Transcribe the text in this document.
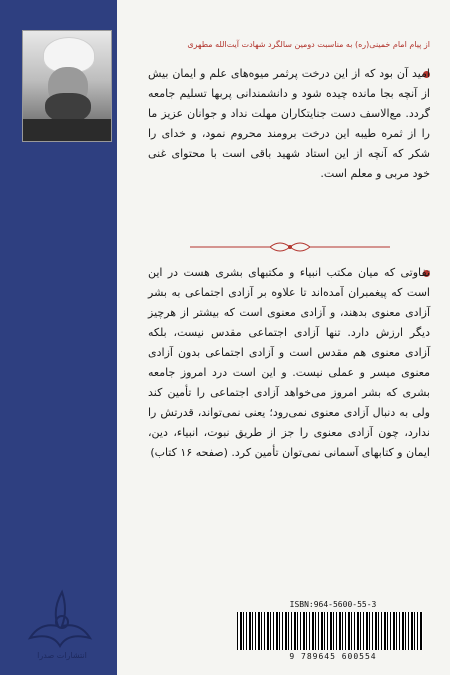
از پیام امام خمینی(ره) به مناسبت دومین سالگرد شهادت آیت‌الله مطهری
امید آن بود که از این درخت پرثمر میوه‌های علم و ایمان بیش از آنچه بجا مانده چیده شود و دانشمندانی پربها تسلیم جامعه گردد. مع‌الاسف دست جنایتکاران مهلت نداد و جوانان عزیز ما را از ثمره طیبه این درخت برومند محروم نمود، و خدای را شکر که آنچه از این استاد شهید باقی است با محتوای غنی خود مربی و معلم است.
تفاوتی که میان مکتب انبیاء و مکتبهای بشری هست در این است که پیغمبران آمده‌اند تا علاوه بر آزادی اجتماعی به بشر آزادی معنوی بدهند، و آزادی معنوی است که بیشتر از هرچیز دیگر ارزش دارد. تنها آزادی اجتماعی مقدس نیست، بلکه آزادی معنوی هم مقدس است و آزادی اجتماعی بدون آزادی معنوی میسر و عملی نیست. و این است درد امروز جامعه بشری که بشر امروز می‌خواهد آزادی اجتماعی را تأمین کند ولی به دنبال آزادی معنوی نمی‌رود؛ یعنی نمی‌تواند، قدرتش را ندارد، چون آزادی معنوی را جز از طریق نبوت، انبیاء، دین، ایمان و کتابهای آسمانی نمی‌توان تأمین کرد. (صفحه ۱۶ کتاب)
انتشارات صدرا
ISBN:964-5600-55-3
9 789645 600554
